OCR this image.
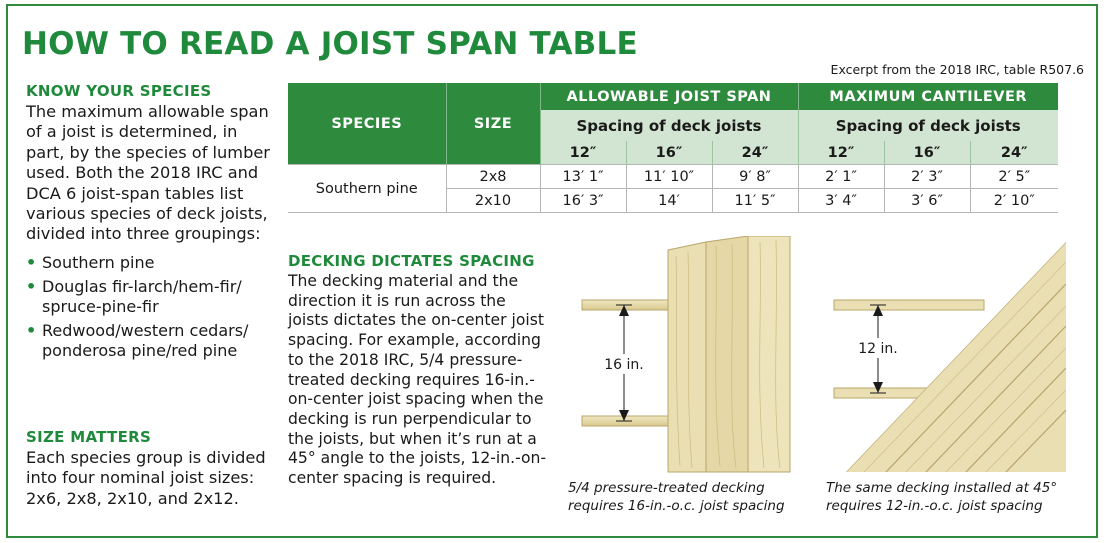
HOW TO READ A JOIST SPAN TABLE
Excerpt from the 2018 IRC, table R507.6
KNOW YOUR SPECIES

The maximum allowable span of a joist is determined, in part, by the species of lumber used. Both the 2018 IRC and DCA 6 joist-span tables list various species of deck joists, divided into three groupings:

• Southern pine
• Douglas fir-larch/hem-fir/ spruce-pine-fir
• Redwood/western cedars/ ponderosa pine/red pine
SIZE MATTERS

Each species group is divided into four nominal joist sizes: 2x6, 2x8, 2x10, and 2x12.

SPECIES	SIZE	ALLOWABLE JOIST SPAN			MAXIMUM CANTILEVER		
		Spacing of deck joists			Spacing of deck joists		
		12″	16″	24″	12″	16″	24″
Southern pine	2x8	13′ 1″	11′ 10″	9′ 8″	2′ 1″	2′ 3″	2′ 5″
	2x10	16′ 3″	14′	11′ 5″	3′ 4″	3′ 6″	2′ 10″
DECKING DICTATES SPACING

The decking material and the direction it is run across the joists dictates the on-center joist spacing. For example, according to the 2018 IRC, 5/4 pressure-treated decking requires 16-in.-on-center joist spacing when the decking is run perpendicular to the joists, but when it’s run at a 45° angle to the joists, 12-in.-on-center spacing is required.

16 in.
12 in.
5/4 pressure-treated decking
requires 16-in.-o.c. joist spacing
The same decking installed at 45°
requires 12-in.-o.c. joist spacing
